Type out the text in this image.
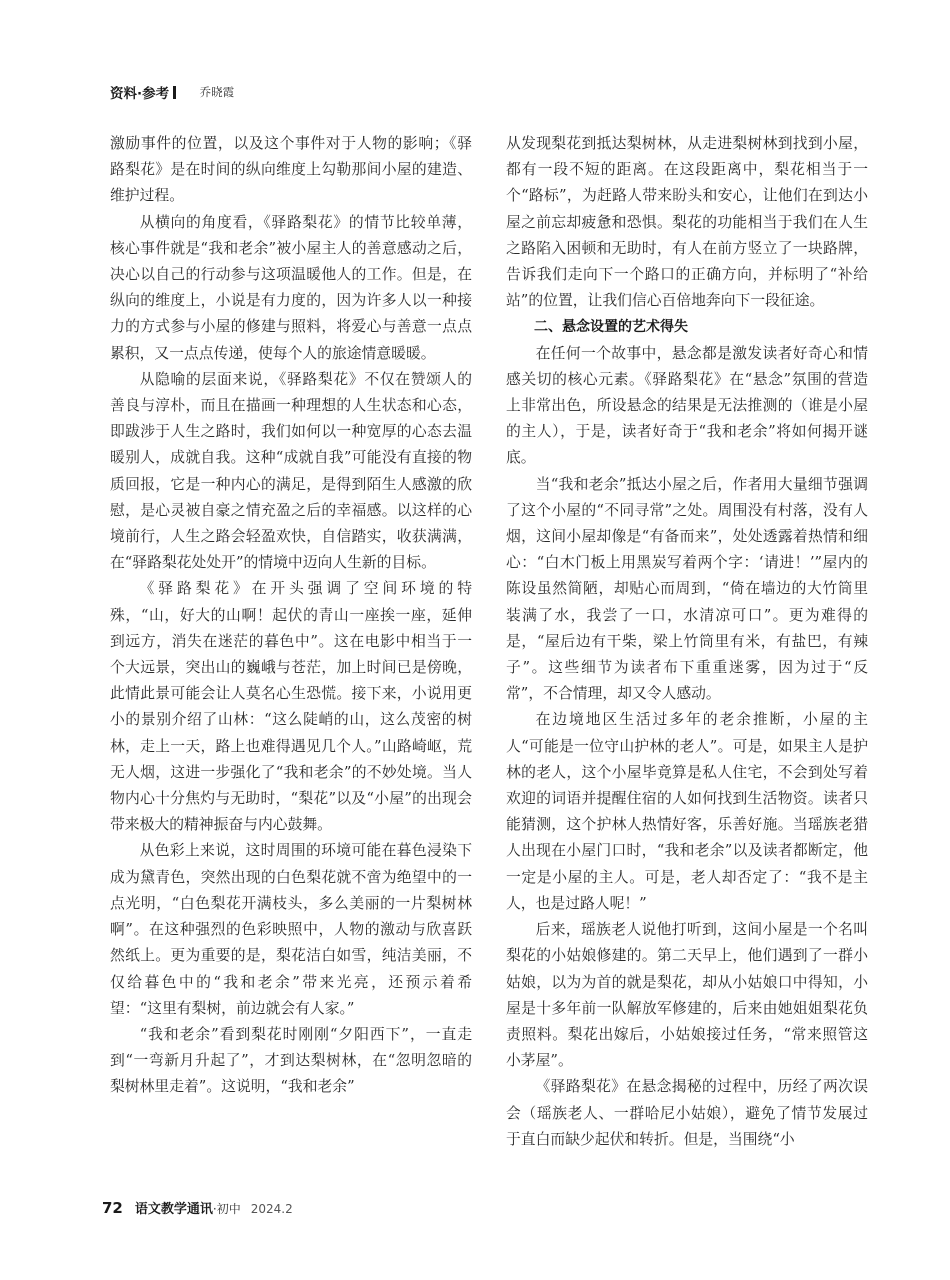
资料·参考	乔晓霞

激励事件的位置，以及这个事件对于人物的影响；《驿路梨花》是在时间的纵向维度上勾勒那间小屋的建造、维护过程。

从横向的角度看，《驿路梨花》的情节比较单薄，核心事件就是“我和老余”被小屋主人的善意感动之后，决心以自己的行动参与这项温暖他人的工作。但是，在纵向的维度上，小说是有力度的，因为许多人以一种接力的方式参与小屋的修建与照料，将爱心与善意一点点累积，又一点点传递，使每个人的旅途情意暖暖。

从隐喻的层面来说，《驿路梨花》不仅在赞颂人的善良与淳朴，而且在描画一种理想的人生状态和心态，即跋涉于人生之路时，我们如何以一种宽厚的心态去温暖别人，成就自我。这种“成就自我”可能没有直接的物质回报，它是一种内心的满足，是得到陌生人感激的欣慰，是心灵被自豪之情充盈之后的幸福感。以这样的心境前行，人生之路会轻盈欢快，自信踏实，收获满满，在“驿路梨花处处开”的情境中迈向人生新的目标。

《驿路梨花》在开头强调了空间环境的特殊，“山，好大的山啊！起伏的青山一座挨一座，延伸到远方，消失在迷茫的暮色中”。这在电影中相当于一个大远景，突出山的巍峨与苍茫，加上时间已是傍晚，此情此景可能会让人莫名心生恐慌。接下来，小说用更小的景别介绍了山林：“这么陡峭的山，这么茂密的树林，走上一天，路上也难得遇见几个人。”山路崎岖，荒无人烟，这进一步强化了“我和老余”的不妙处境。当人物内心十分焦灼与无助时，“梨花”以及“小屋”的出现会带来极大的精神振奋与内心鼓舞。

从色彩上来说，这时周围的环境可能在暮色浸染下成为黛青色，突然出现的白色梨花就不啻为绝望中的一点光明，“白色梨花开满枝头，多么美丽的一片梨树林啊”。在这种强烈的色彩映照中，人物的激动与欣喜跃然纸上。更为重要的是，梨花洁白如雪，纯洁美丽，不仅给暮色中的“我和老余”带来光亮，还预示着希望：“这里有梨树，前边就会有人家。”

“我和老余”看到梨花时刚刚“夕阳西下”，一直走到“一弯新月升起了”，才到达梨树林，在“忽明忽暗的梨树林里走着”。这说明，“我和老余”

从发现梨花到抵达梨树林，从走进梨树林到找到小屋，都有一段不短的距离。在这段距离中，梨花相当于一个“路标”，为赶路人带来盼头和安心，让他们在到达小屋之前忘却疲惫和恐惧。梨花的功能相当于我们在人生之路陷入困顿和无助时，有人在前方竖立了一块路牌，告诉我们走向下一个路口的正确方向，并标明了“补给站”的位置，让我们信心百倍地奔向下一段征途。

二、悬念设置的艺术得失

在任何一个故事中，悬念都是激发读者好奇心和情感关切的核心元素。《驿路梨花》在“悬念”氛围的营造上非常出色，所设悬念的结果是无法推测的（谁是小屋的主人），于是，读者好奇于“我和老余”将如何揭开谜底。

当“我和老余”抵达小屋之后，作者用大量细节强调了这个小屋的“不同寻常”之处。周围没有村落，没有人烟，这间小屋却像是“有备而来”，处处透露着热情和细心：“白木门板上用黑炭写着两个字：‘请进！’”屋内的陈设虽然简陋，却贴心而周到，“倚在墙边的大竹筒里装满了水，我尝了一口，水清凉可口”。更为难得的是，“屋后边有干柴，梁上竹筒里有米，有盐巴，有辣子”。这些细节为读者布下重重迷雾，因为过于“反常”，不合情理，却又令人感动。

在边境地区生活过多年的老余推断，小屋的主人“可能是一位守山护林的老人”。可是，如果主人是护林的老人，这个小屋毕竟算是私人住宅，不会到处写着欢迎的词语并提醒住宿的人如何找到生活物资。读者只能猜测，这个护林人热情好客，乐善好施。当瑶族老猎人出现在小屋门口时，“我和老余”以及读者都断定，他一定是小屋的主人。可是，老人却否定了：“我不是主人，也是过路人呢！”

后来，瑶族老人说他打听到，这间小屋是一个名叫梨花的小姑娘修建的。第二天早上，他们遇到了一群小姑娘，以为为首的就是梨花，却从小姑娘口中得知，小屋是十多年前一队解放军修建的，后来由她姐姐梨花负责照料。梨花出嫁后，小姑娘接过任务，“常来照管这小茅屋”。

《驿路梨花》在悬念揭秘的过程中，历经了两次误会（瑶族老人、一群哈尼小姑娘），避免了情节发展过于直白而缺少起伏和转折。但是，当围绕“小

72 语文教学通讯 ·初中 2024.2
